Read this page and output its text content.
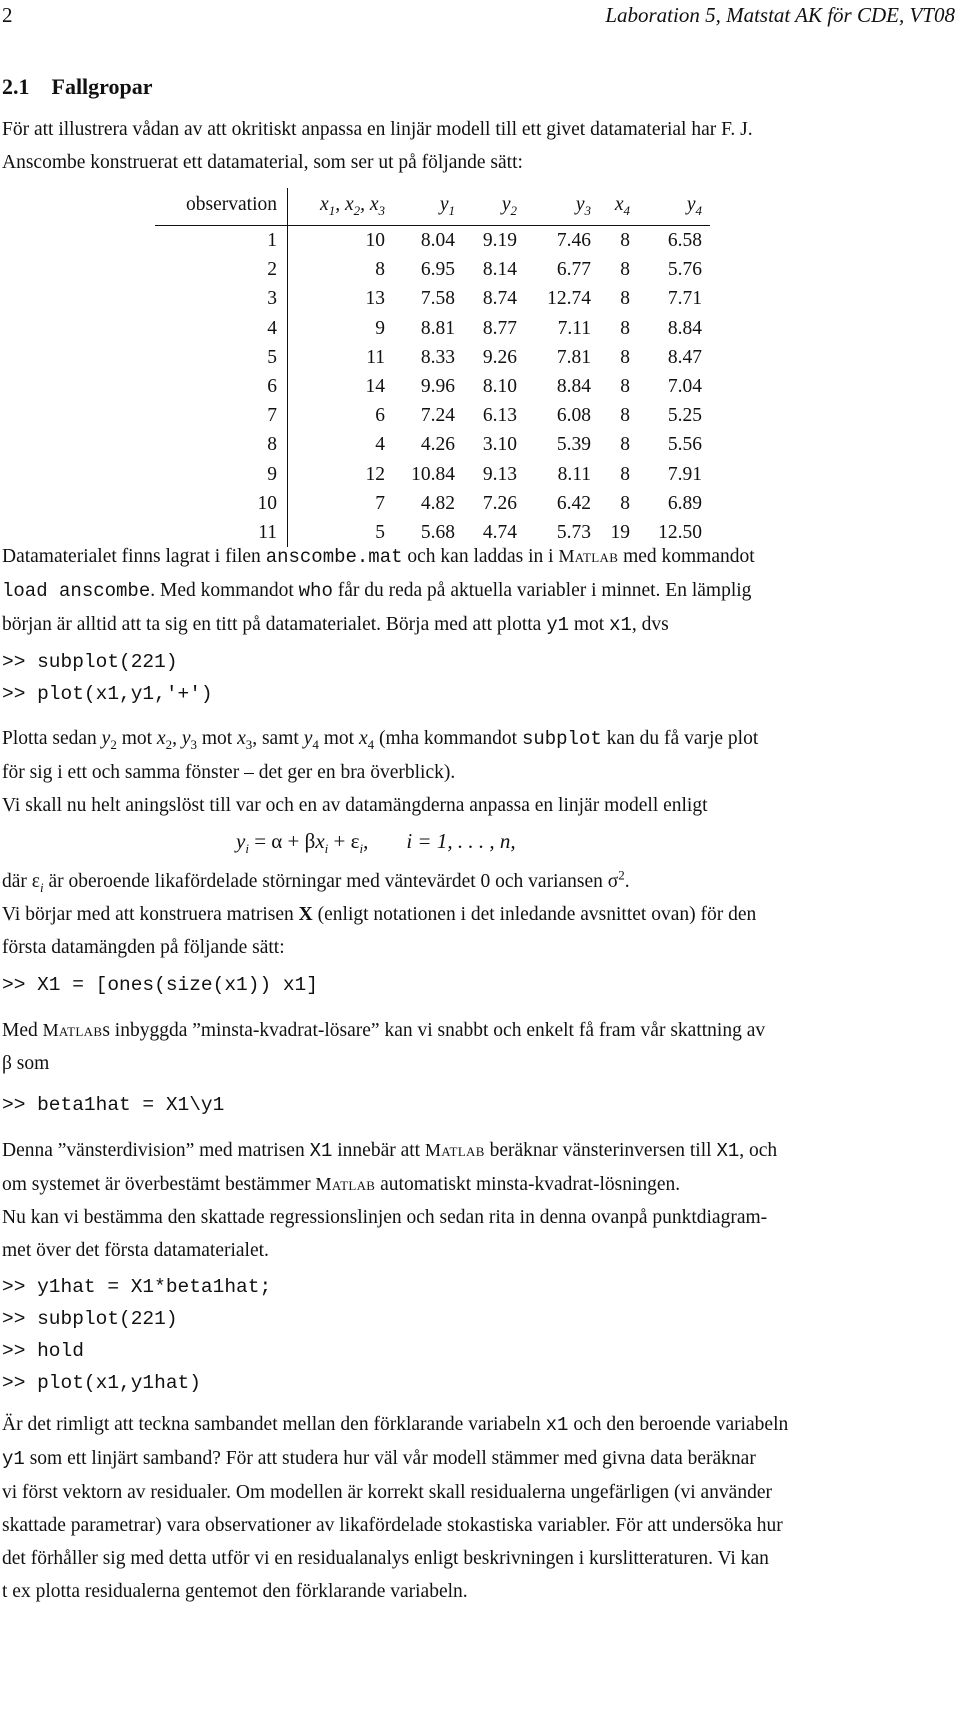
2	Laboration 5, Matstat AK för CDE, VT08
2.1 Fallgropar

För att illustrera vådan av att okritiskt anpassa en linjär modell till ett givet datamaterial har F. J.

Anscombe konstruerat ett datamaterial, som ser ut på följande sätt:

observation	$x_1$, $x_2$, $x_3$	$y_1$	$y_2$	$y_3$	$x_4$	$y_4$
1	10	8.04	9.19	7.46	8	6.58
2	8	6.95	8.14	6.77	8	5.76
3	13	7.58	8.74	12.74	8	7.71
4	9	8.81	8.77	7.11	8	8.84
5	11	8.33	9.26	7.81	8	8.47
6	14	9.96	8.10	8.84	8	7.04
7	6	7.24	6.13	6.08	8	5.25
8	4	4.26	3.10	5.39	8	5.56
9	12	10.84	9.13	8.11	8	7.91
10	7	4.82	7.26	6.42	8	6.89
11	5	5.68	4.74	5.73	19	12.50

Datamaterialet finns lagrat i filen anscombe.mat och kan laddas in i Matlab med kommandot

load anscombe. Med kommandot who får du reda på aktuella variabler i minnet. En lämplig

början är alltid att ta sig en titt på datamaterialet. Börja med att plotta y1 mot x1, dvs

>> subplot(221)
>> plot(x1,y1,'+')

Plotta sedan $y_2$ mot $x_2$, $y_3$ mot $x_3$, samt $y_4$ mot $x_4$ (mha kommandot subplot kan du få varje plot

för sig i ett och samma fönster – det ger en bra överblick).

Vi skall nu helt aningslöst till var och en av datamängderna anpassa en linjär modell enligt

$y_i = \alpha + \beta x_i + \varepsilon_i$, i = 1, . . . , n,

där $\varepsilon_i$ är oberoende likafördelade störningar med väntevärdet 0 och variansen $\sigma^2$.

Vi börjar med att konstruera matrisen X (enligt notationen i det inledande avsnittet ovan) för den

första datamängden på följande sätt:

>> X1 = [ones(size(x1)) x1]

Med Matlabs inbyggda ”minsta-kvadrat-lösare” kan vi snabbt och enkelt få fram vår skattning av

β som

>> beta1hat = X1\y1

Denna ”vänsterdivision” med matrisen X1 innebär att Matlab beräknar vänsterinversen till X1, och

om systemet är överbestämt bestämmer Matlab automatiskt minsta-kvadrat-lösningen.

Nu kan vi bestämma den skattade regressionslinjen och sedan rita in denna ovanpå punktdiagram-

met över det första datamaterialet.

>> y1hat = X1*beta1hat;
>> subplot(221)
>> hold
>> plot(x1,y1hat)

Är det rimligt att teckna sambandet mellan den förklarande variabeln x1 och den beroende variabeln

y1 som ett linjärt samband? För att studera hur väl vår modell stämmer med givna data beräknar

vi först vektorn av residualer. Om modellen är korrekt skall residualerna ungefärligen (vi använder

skattade parametrar) vara observationer av likafördelade stokastiska variabler. För att undersöka hur

det förhåller sig med detta utför vi en residualanalys enligt beskrivningen i kurslitteraturen. Vi kan

t ex plotta residualerna gentemot den förklarande variabeln.
